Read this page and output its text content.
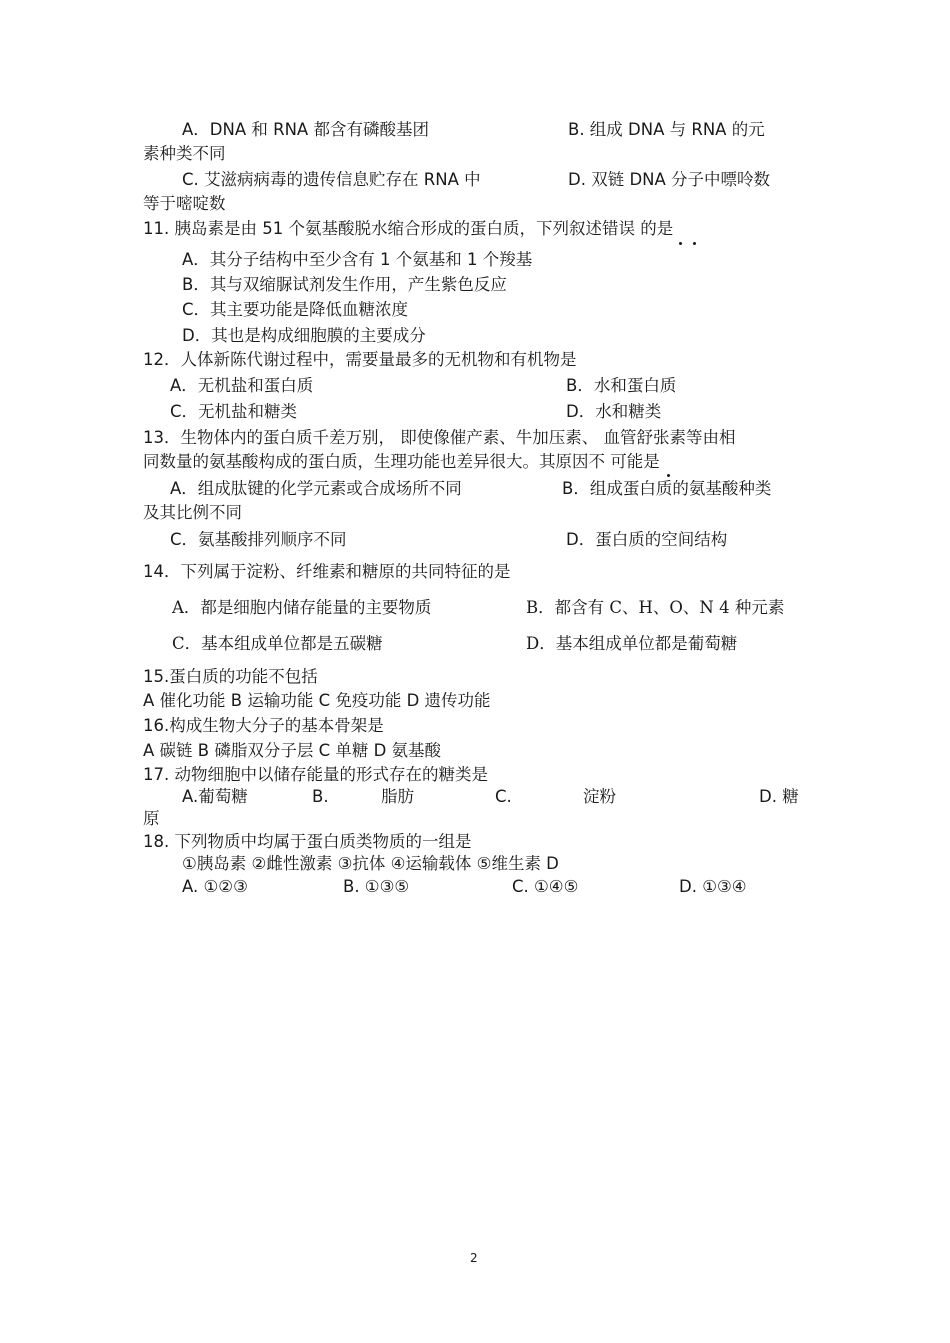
A．DNA 和 RNA 都含有磷酸基团	B. 组成 DNA 与 RNA 的元
素种类不同
C. 艾滋病病毒的遗传信息贮存在 RNA 中	D. 双链 DNA 分子中嘌呤数
等于嘧啶数
11. 胰岛素是由 51 个氨基酸脱水缩合形成的蛋白质，下列叙述错误 的是
A．其分子结构中至少含有 1 个氨基和 1 个羧基
B．其与双缩脲试剂发生作用，产生紫色反应
C．其主要功能是降低血糖浓度
D．其也是构成细胞膜的主要成分
12．人体新陈代谢过程中，需要量最多的无机物和有机物是
A．无机盐和蛋白质	B．水和蛋白质
C．无机盐和糖类	D．水和糖类
13．生物体内的蛋白质千差万别， 即使像催产素、牛加压素、 血管舒张素等由相
同数量的氨基酸构成的蛋白质，生理功能也差异很大。其原因不 可能是
A．组成肽键的化学元素或合成场所不同	B．组成蛋白质的氨基酸种类
及其比例不同
C．氨基酸排列顺序不同	D．蛋白质的空间结构
14．下列属于淀粉、纤维素和糖原的共同特征的是
A．都是细胞内储存能量的主要物质	B．都含有 C、H、O、N 4 种元素
C．基本组成单位都是五碳糖	D．基本组成单位都是葡萄糖
15.蛋白质的功能不包括
A 催化功能 B 运输功能 C 免疫功能 D 遗传功能
16.构成生物大分子的基本骨架是
A 碳链 B 磷脂双分子层 C 单糖 D 氨基酸
17. 动物细胞中以储存能量的形式存在的糖类是
A.葡萄糖	B.	脂肪	C.	淀粉	D. 糖
原
18. 下列物质中均属于蛋白质类物质的一组是
①胰岛素 ②雌性激素 ③抗体 ④运输载体 ⑤维生素 D
A. ①②③	B. ①③⑤	C. ①④⑤	D. ①③④
2
